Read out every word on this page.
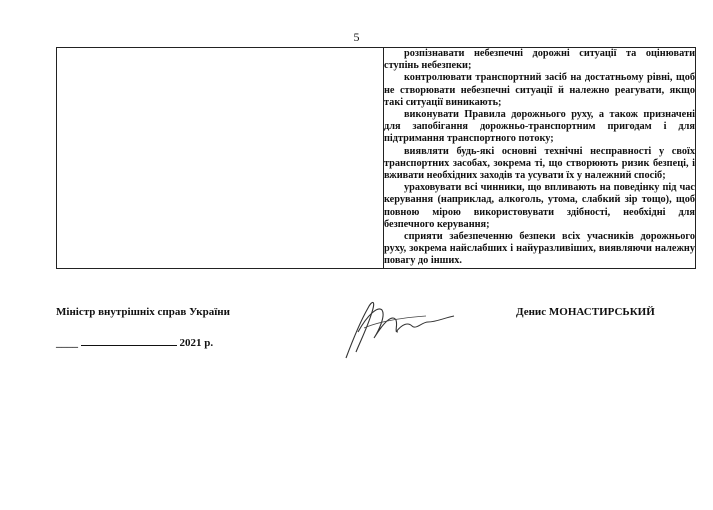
5

розпізнавати небезпечні дорожні ситуації та оцінювати ступінь небезпеки;

контролювати транспортний засіб на достатньому рівні, щоб не створювати небезпечні ситуації й належно реагувати, якщо такі ситуації виникають;

виконувати Правила дорожнього руху, а також призначені для запобігання дорожньо-транспортним пригодам і для підтримання транспортного потоку;

виявляти будь-які основні технічні несправності у своїх транспортних засобах, зокрема ті, що створюють ризик безпеці, і вживати необхідних заходів та усувати їх у належний спосіб;

ураховувати всі чинники, що впливають на поведінку під час керування (наприклад, алкоголь, утома, слабкий зір тощо), щоб повною мірою використовувати здібності, необхідні для безпечного керування;

сприяти забезпеченню безпеки всіх учасників дорожнього руху, зокрема найслабших і найуразливіших, виявляючи належну повагу до інших.

Міністр внутрішніх справ України
____	2021 р.
Денис МОНАСТИРСЬКИЙ
